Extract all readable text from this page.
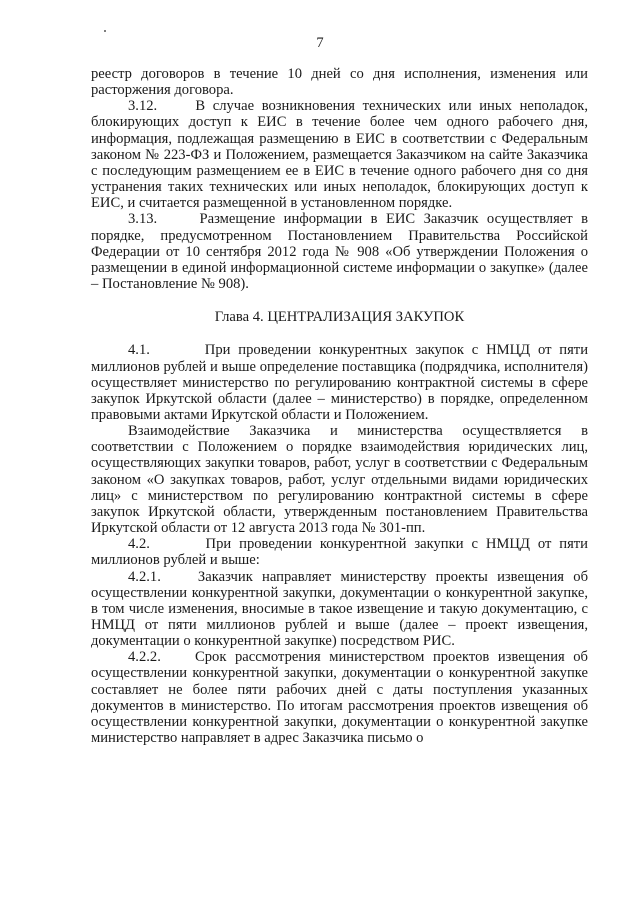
7

реестр договоров в течение 10 дней со дня исполнения, изменения или расторжения договора.

3.12.     В случае возникновения технических или иных неполадок, блокирующих доступ к ЕИС в течение более чем одного рабочего дня, информация, подлежащая размещению в ЕИС в соответствии с Федеральным законом № 223-ФЗ и Положением, размещается Заказчиком на сайте Заказчика с последующим размещением ее в ЕИС в течение одного рабочего дня со дня устранения таких технических или иных неполадок, блокирующих доступ к ЕИС, и считается размещенной в установленном порядке.

3.13.     Размещение информации в ЕИС Заказчик осуществляет в порядке, предусмотренном Постановлением Правительства Российской Федерации от 10 сентября 2012 года № 908 «Об утверждении Положения о размещении в единой информационной системе информации о закупке» (далее – Постановление № 908).

Глава 4. ЦЕНТРАЛИЗАЦИЯ ЗАКУПОК

4.1.       При проведении конкурентных закупок с НМЦД от пяти миллионов рублей и выше определение поставщика (подрядчика, исполнителя) осуществляет министерство по регулированию контрактной системы в сфере закупок Иркутской области (далее – министерство) в порядке, определенном правовыми актами Иркутской области и Положением.

Взаимодействие Заказчика и министерства осуществляется в соответствии с Положением о порядке взаимодействия юридических лиц, осуществляющих закупки товаров, работ, услуг в соответствии с Федеральным законом «О закупках товаров, работ, услуг отдельными видами юридических лиц» с министерством по регулированию контрактной системы в сфере закупок Иркутской области, утвержденным постановлением Правительства Иркутской области от 12 августа 2013 года № 301-пп.

4.2.       При проведении конкурентной закупки с НМЦД от пяти миллионов рублей и выше:

4.2.1.    Заказчик направляет министерству проекты извещения об осуществлении конкурентной закупки, документации о конкурентной закупке, в том числе изменения, вносимые в такое извещение и такую документацию, с НМЦД от пяти миллионов рублей и выше (далее – проект извещения, документации о конкурентной закупке) посредством РИС.

4.2.2.    Срок рассмотрения министерством проектов извещения об осуществлении конкурентной закупки, документации о конкурентной закупке составляет не более пяти рабочих дней с даты поступления указанных документов в министерство. По итогам рассмотрения проектов извещения об осуществлении конкурентной закупки, документации о конкурентной закупке министерство направляет в адрес Заказчика письмо о
